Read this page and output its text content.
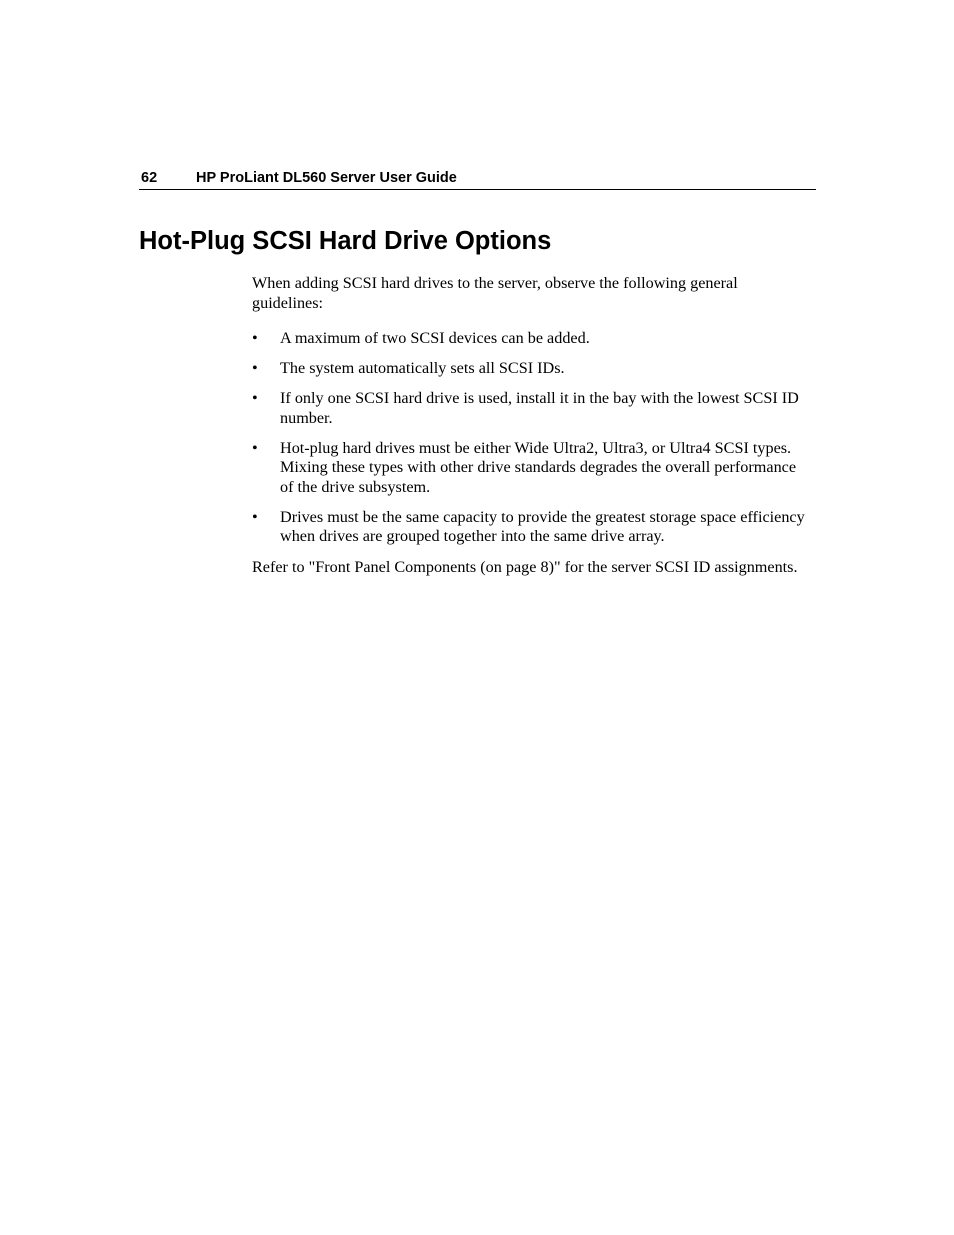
62	HP ProLiant DL560 Server User Guide
Hot-Plug SCSI Hard Drive Options

When adding SCSI hard drives to the server, observe the following general guidelines:

• A maximum of two SCSI devices can be added.
• The system automatically sets all SCSI IDs.
• If only one SCSI hard drive is used, install it in the bay with the lowest SCSI ID number.
• Hot-plug hard drives must be either Wide Ultra2, Ultra3, or Ultra4 SCSI types. Mixing these types with other drive standards degrades the overall performance of the drive subsystem.
• Drives must be the same capacity to provide the greatest storage space efficiency when drives are grouped together into the same drive array.

Refer to "Front Panel Components (on page 8)" for the server SCSI ID assignments.
